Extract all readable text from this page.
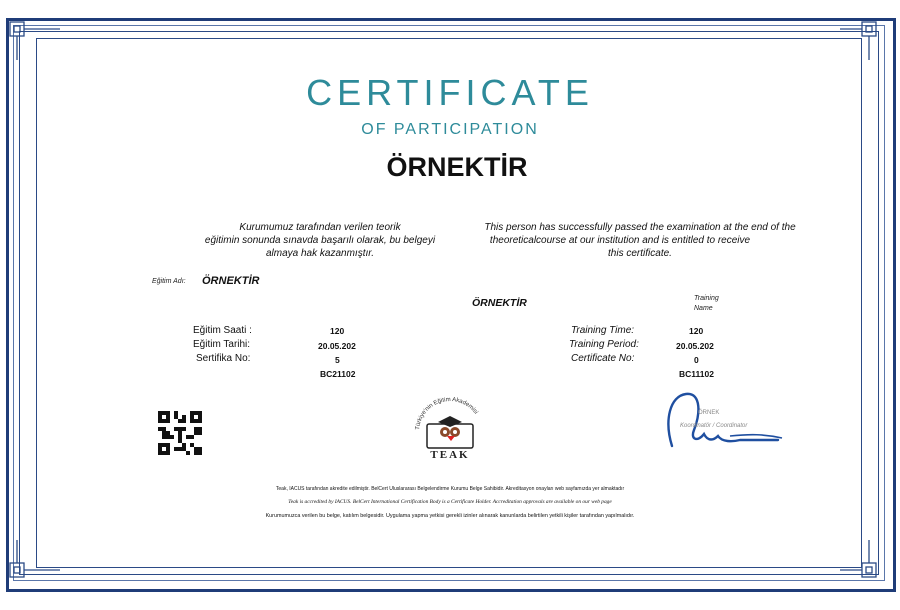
CERTIFICATE
OF PARTICIPATION
ÖRNEKTİR
Kurumumuz tarafından verilen teorik
eğitimin sonunda sınavda başarılı olarak, bu belgeyi
almaya hak kazanmıştır.
This person has successfully passed the examination at the end of the
theoreticalcourse at our institution and is entitled to receive
this certificate.
Eğitim Adı: ÖRNEKTİR
Eğitim Saati :
Eğitim Tarihi:
Sertifika No:
120
20.05.202
5
BC21102
ÖRNEKTİR	Training
Name
Training Time:
Training Period:
Certificate No:
120
20.05.202
0
BC11102
Türkiye'nin Eğitim Akademisi
TEAK
ÖRNEK
Koordinatör / Coordinator
Teak, IACUS tarafından akredite edilmiştir. BelCert Uluslararası Belgelendirme Kurumu Belge Sahibidir. Akreditasyon onayları web sayfamızda yer almaktadır
Teak is accredited by IACUS. BelCert International Certification Body is a Certificate Holder. Accreditation approvals are available on our web page
Kurumumuzca verilen bu belge, katılım belgesidir. Uygulama yapma yetkisi gerekli izinler alınarak kanunlarda belirtilen yetkili kişiler tarafından yapılmalıdır.
